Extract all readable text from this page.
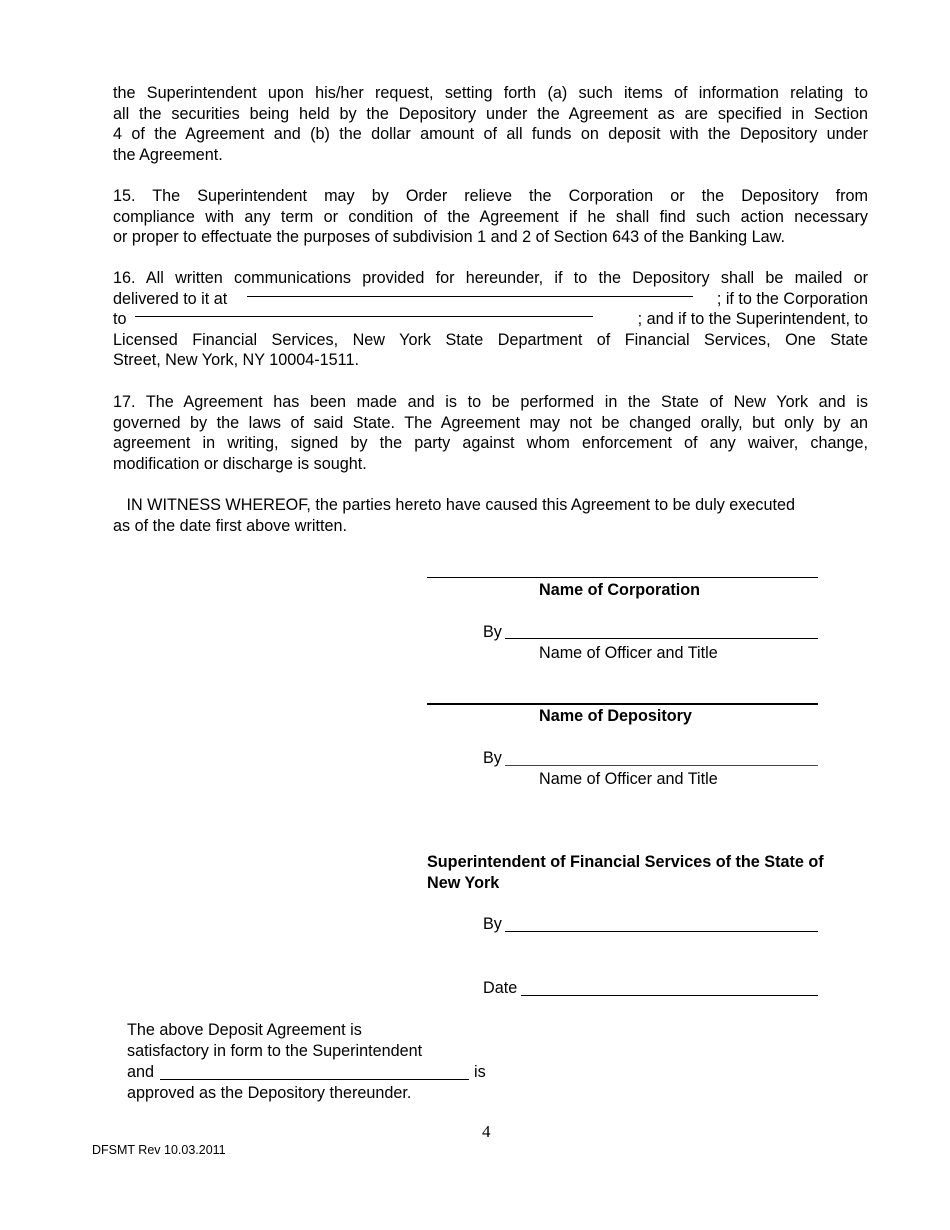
the Superintendent upon his/her request, setting forth (a) such items of information relating to
all the securities being held by the Depository under the Agreement as are specified in Section
4 of the Agreement and (b) the dollar amount of all funds on deposit with the Depository under
the Agreement.
15.  The  Superintendent  may  by  Order  relieve  the  Corporation  or  the  Depository  from
compliance with any term or condition of the Agreement if he shall find such action necessary
or proper to effectuate the purposes of subdivision 1 and 2 of Section 643 of the Banking Law.
16. All written communications provided for hereunder, if to the Depository shall be mailed or
delivered to it at	; if to the Corporation
to	; and if to the Superintendent, to
Licensed Financial Services, New York State Department of Financial Services, One State
Street, New York, NY 10004-1511.
17. The Agreement has been made and is to be performed in the State of New York and is
governed by the laws of said State. The Agreement may not be changed orally, but only by an
agreement in writing, signed by the party against whom enforcement of any waiver, change,
modification or discharge is sought.
IN WITNESS WHEREOF, the parties hereto have caused this Agreement to be duly executed
as of the date first above written.
Name of Corporation
By
Name of Officer and Title
Name of Depository
By
Name of Officer and Title
Superintendent of Financial Services of the State of
New York
By
Date
The above Deposit Agreement is
satisfactory in form to the Superintendent
and	is
approved as the Depository thereunder.
4
DFSMT Rev 10.03.2011
